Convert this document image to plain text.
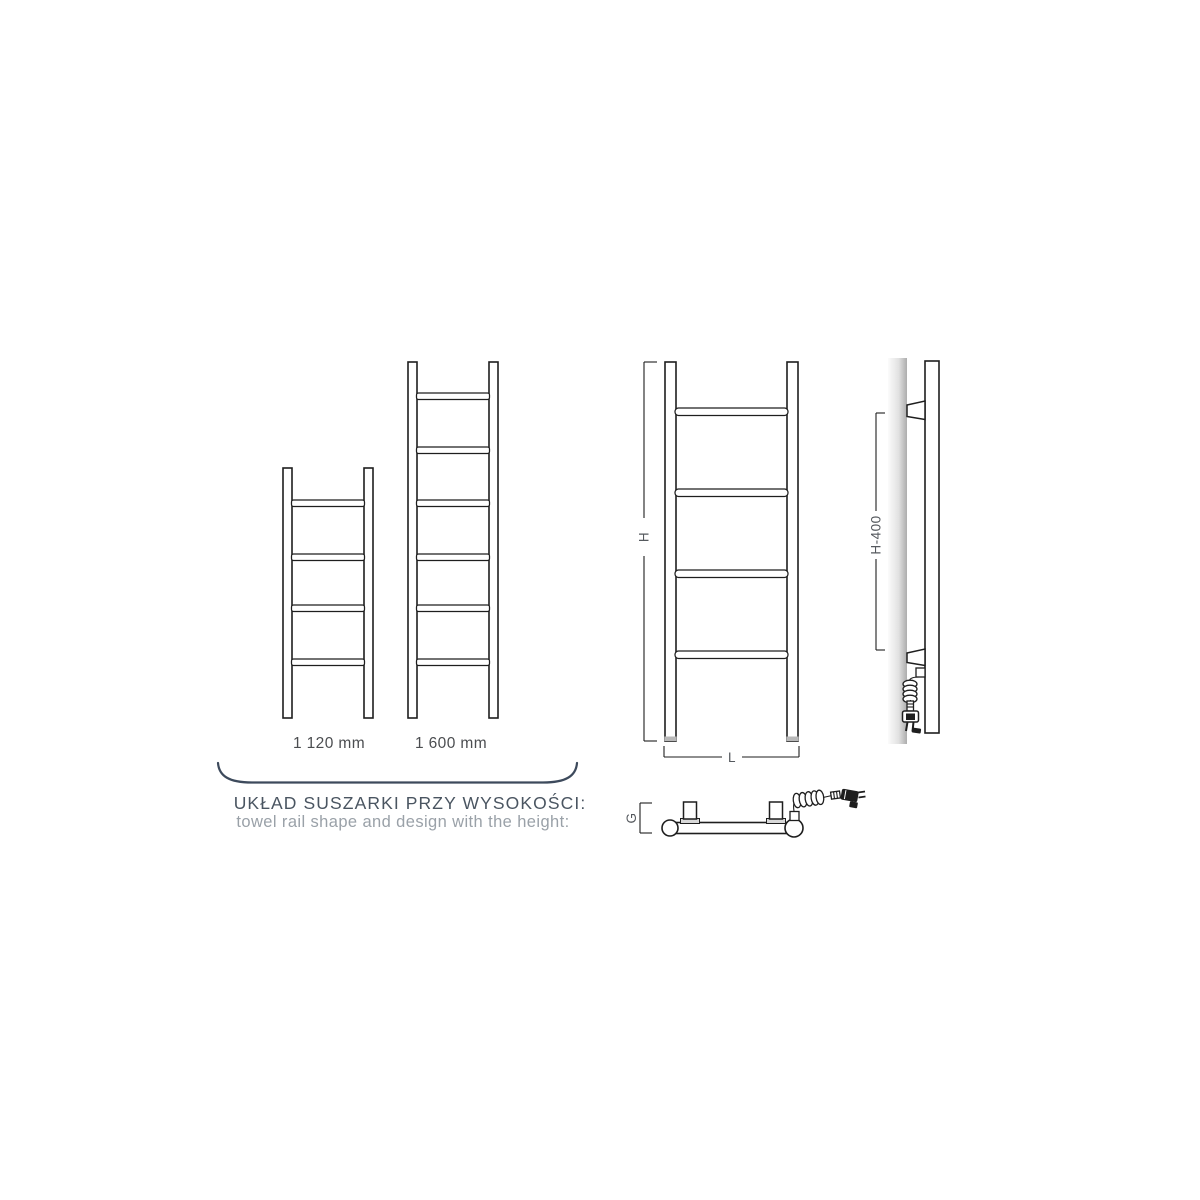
1 120 mm	1 600 mm
UKŁAD SUSZARKI PRZY WYSOKOŚCI:
towel rail shape and design with the height:
H
L
H-400
G
